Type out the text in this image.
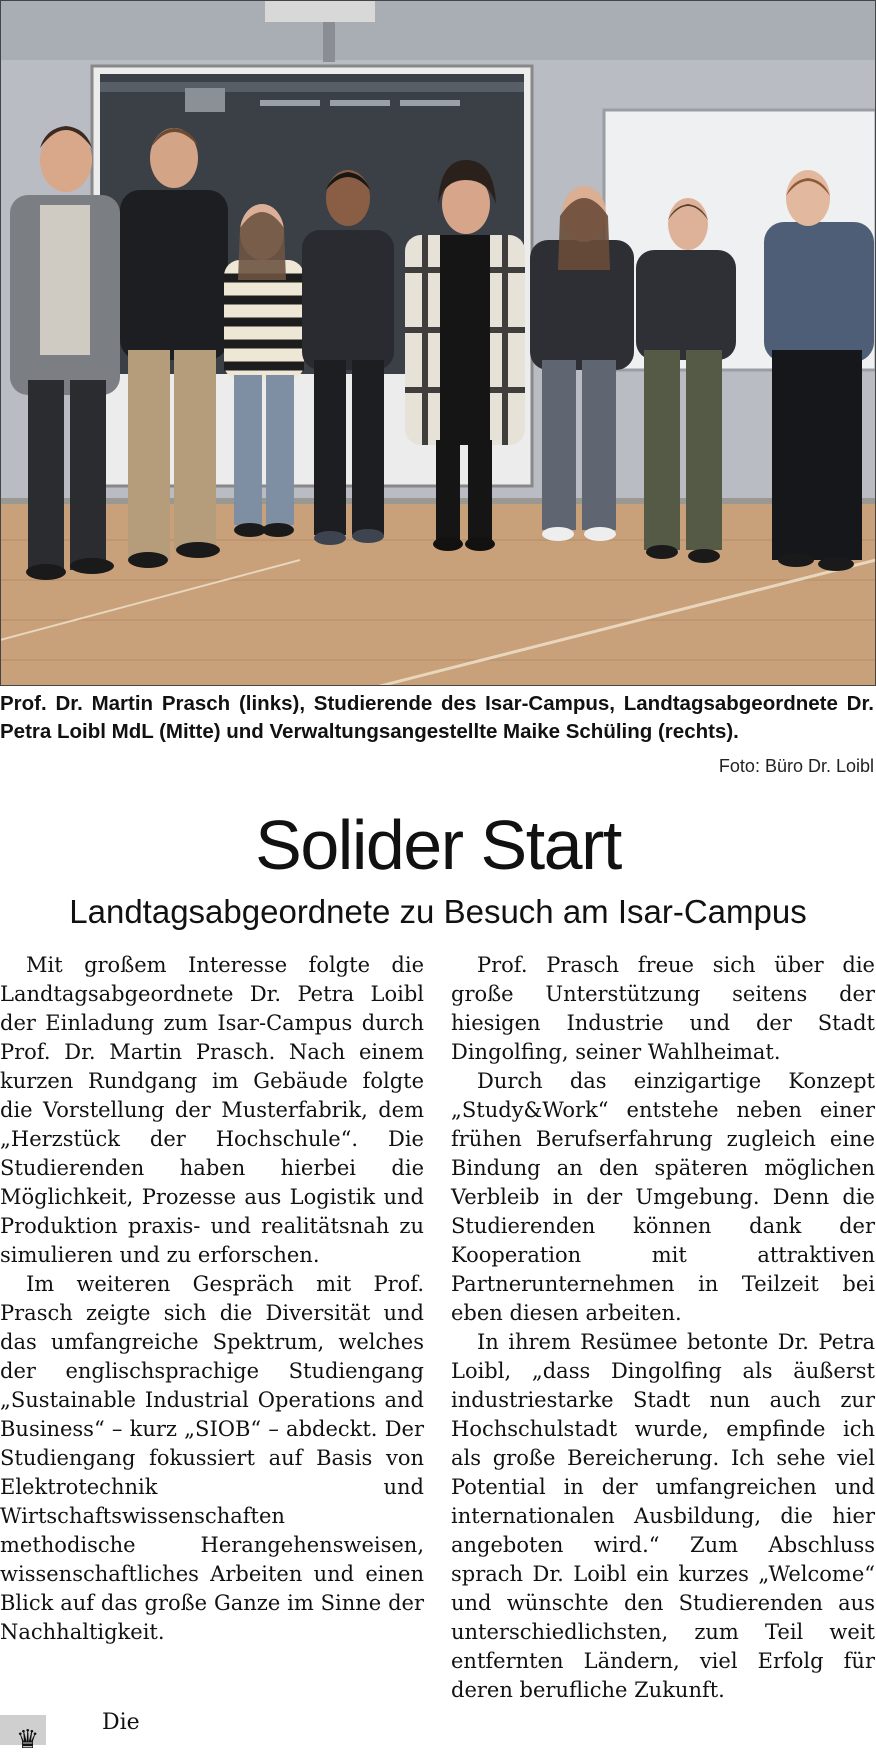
Prof. Dr. Martin Prasch (links), Studierende des Isar-Campus, Landtagsabgeordnete Dr. Petra Loibl MdL (Mitte) und Verwaltungsangestellte Maike Schüling (rechts).
Foto: Büro Dr. Loibl
Solider Start
Landtagsabgeordnete zu Besuch am Isar-Campus

Mit großem Interesse folgte die Landtagsabgeordnete Dr. Petra Loibl der Einladung zum Isar-Campus durch Prof. Dr. Martin Prasch. Nach einem kurzen Rundgang im Gebäude folgte die Vorstellung der Musterfabrik, dem „Herzstück der Hochschule“. Die Studierenden haben hierbei die Möglichkeit, Prozesse aus Logistik und Produktion praxis- und realitätsnah zu simulieren und zu erforschen.

Im weiteren Gespräch mit Prof. Prasch zeigte sich die Diversität und das umfangreiche Spektrum, welches der englischsprachige Studiengang „Sustainable Industrial Operations and Business“ – kurz „SIOB“ – abdeckt. Der Studiengang fokussiert auf Basis von Elektrotechnik und Wirtschaftswissenschaften methodische Herangehensweisen, wissenschaftliches Arbeiten und einen Blick auf das große Ganze im Sinne der Nachhaltigkeit.

Prof. Prasch freue sich über die große Unterstützung seitens der hiesigen Industrie und der Stadt Dingolfing, seiner Wahlheimat.

Durch das einzigartige Konzept „Study&Work“ entstehe neben einer frühen Berufserfahrung zugleich eine Bindung an den späteren möglichen Verbleib in der Umgebung. Denn die Studierenden können dank der Kooperation mit attraktiven Partnerunternehmen in Teilzeit bei eben diesen arbeiten.

In ihrem Resümee betonte Dr. Petra Loibl, „dass Dingolfing als äußerst industriestarke Stadt nun auch zur Hochschulstadt wurde, empfinde ich als große Bereicherung. Ich sehe viel Potential in der umfangreichen und internationalen Ausbildung, die hier angeboten wird.“ Zum Abschluss sprach Dr. Loibl ein kurzes „Welcome“ und wünschte den Studierenden aus unterschiedlichsten, zum Teil weit entfernten Ländern, viel Erfolg für deren berufliche Zukunft.

♛
Die
